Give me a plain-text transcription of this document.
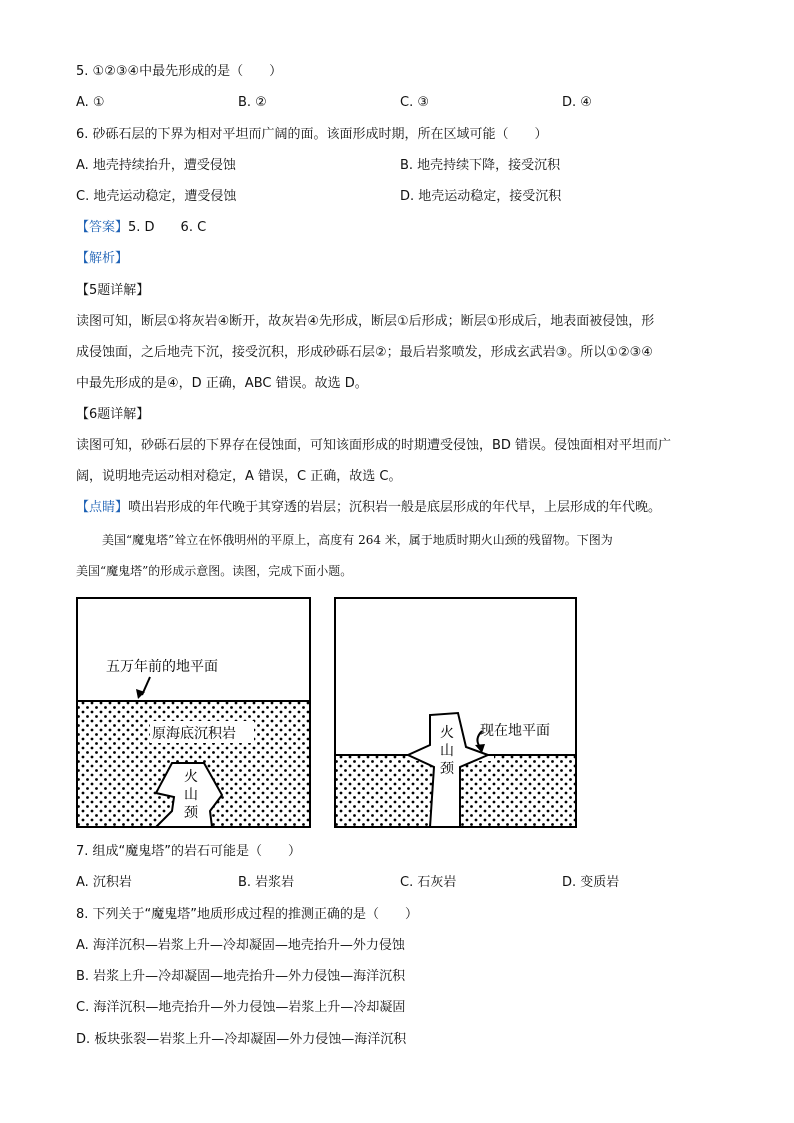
5. ①②③④中最先形成的是（　　）
A. ①	B. ②	C. ③	D. ④
6. 砂砾石层的下界为相对平坦而广阔的面。该面形成时期，所在区域可能（　　）
A. 地壳持续抬升，遭受侵蚀	B. 地壳持续下降，接受沉积
C. 地壳运动稳定，遭受侵蚀	D. 地壳运动稳定，接受沉积
【答案】5. D　　6. C
【解析】
【5题详解】
读图可知，断层①将灰岩④断开，故灰岩④先形成，断层①后形成；断层①形成后，地表面被侵蚀，形
成侵蚀面，之后地壳下沉，接受沉积，形成砂砾石层②；最后岩浆喷发，形成玄武岩③。所以①②③④
中最先形成的是④，D 正确，ABC 错误。故选 D。
【6题详解】
读图可知，砂砾石层的下界存在侵蚀面，可知该面形成的时期遭受侵蚀，BD 错误。侵蚀面相对平坦而广
阔，说明地壳运动相对稳定，A 错误，C 正确，故选 C。
【点睛】喷出岩形成的年代晚于其穿透的岩层；沉积岩一般是底层形成的年代早，上层形成的年代晚。
美国“魔鬼塔”耸立在怀俄明州的平原上，高度有 264 米，属于地质时期火山颈的残留物。下图为
美国“魔鬼塔”的形成示意图。读图，完成下面小题。
五万年前的地平面
原海底沉积岩
火
山
颈
现在地平面
火
山
颈
7. 组成“魔鬼塔”的岩石可能是（　　）
A. 沉积岩	B. 岩浆岩	C. 石灰岩	D. 变质岩
8. 下列关于“魔鬼塔”地质形成过程的推测正确的是（　　）
A. 海洋沉积—岩浆上升—冷却凝固—地壳抬升—外力侵蚀
B. 岩浆上升—冷却凝固—地壳抬升—外力侵蚀—海洋沉积
C. 海洋沉积—地壳抬升—外力侵蚀—岩浆上升—冷却凝固
D. 板块张裂—岩浆上升—冷却凝固—外力侵蚀—海洋沉积
